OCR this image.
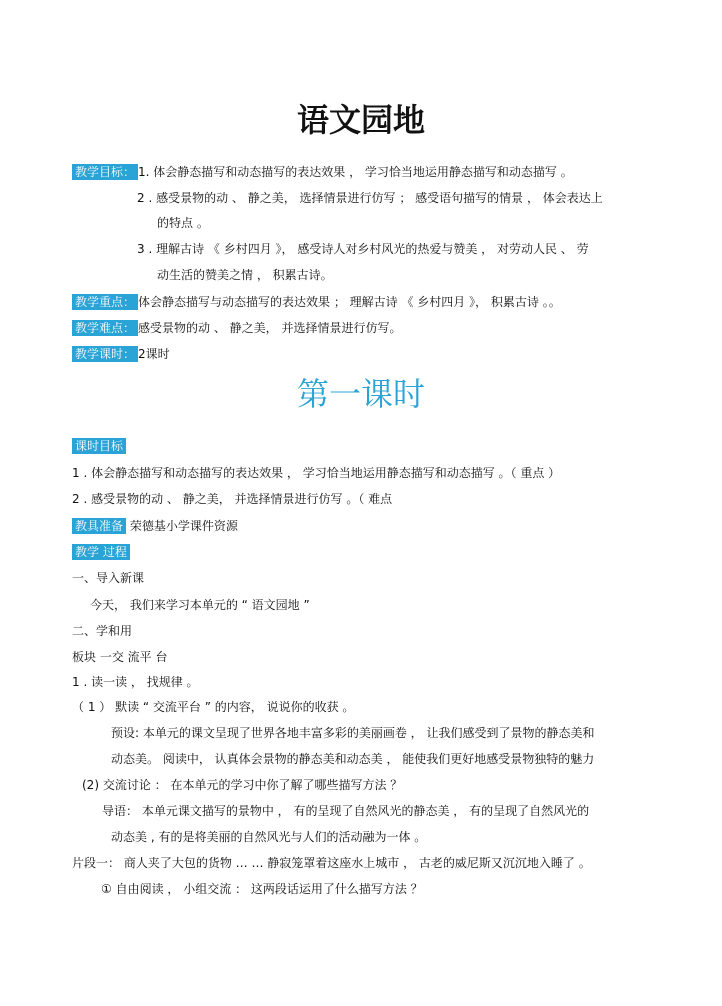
语文园地
教学目标： 1. 体会静态描写和动态描写的表达效果 ， 学习恰当地运用静态描写和动态描写 。
2 . 感受景物的动 、 静之美， 选择情景进行仿写 ； 感受语句描写的情景 ， 体会表达上
的特点 。
3 . 理解古诗 《 乡村四月 》， 感受诗人对乡村风光的热爱与赞美 ， 对劳动人民 、 劳
动生活的赞美之情 ， 积累古诗。
教学重点： 体会静态描写与动态描写的表达效果 ； 理解古诗 《 乡村四月 》， 积累古诗 。。
教学难点： 感受景物的动 、 静之美， 并选择情景进行仿写。
教学课时： 2课时
第一课时
课时目标
1 . 体会静态描写和动态描写的表达效果 ， 学习恰当地运用静态描写和动态描写 。（ 重点 ）
2 . 感受景物的动 、 静之美， 并选择情景进行仿写 。（ 难点
教具准备 荣德基小学课件资源
教学 过程
一、导入新课
今天， 我们来学习本单元的 “ 语文园地 ”
二、学和用
板块 一交 流平 台
1 . 读一读 ， 找规律 。
（ 1 ） 默读 “ 交流平台 ” 的内容， 说说你的收获 。
预设: 本单元的课文呈现了世界各地丰富多彩的美丽画卷 ， 让我们感受到了景物的静态美和
动态美。 阅读中， 认真体会景物的静态美和动态美 ， 能使我们更好地感受景物独特的魅力
(2) 交流讨论 ： 在本单元的学习中你了解了哪些描写方法 ？
导语： 本单元课文描写的景物中 ， 有的呈现了自然风光的静态美 ， 有的呈现了自然风光的
动态美 , 有的是将美丽的自然风光与人们的活动融为一体 。
片段一： 商人夹了大包的货物 … … 静寂笼罩着这座水上城市 ， 古老的威尼斯又沉沉地入睡了 。
① 自由阅读 ， 小组交流 ： 这两段话运用了什么描写方法 ？
